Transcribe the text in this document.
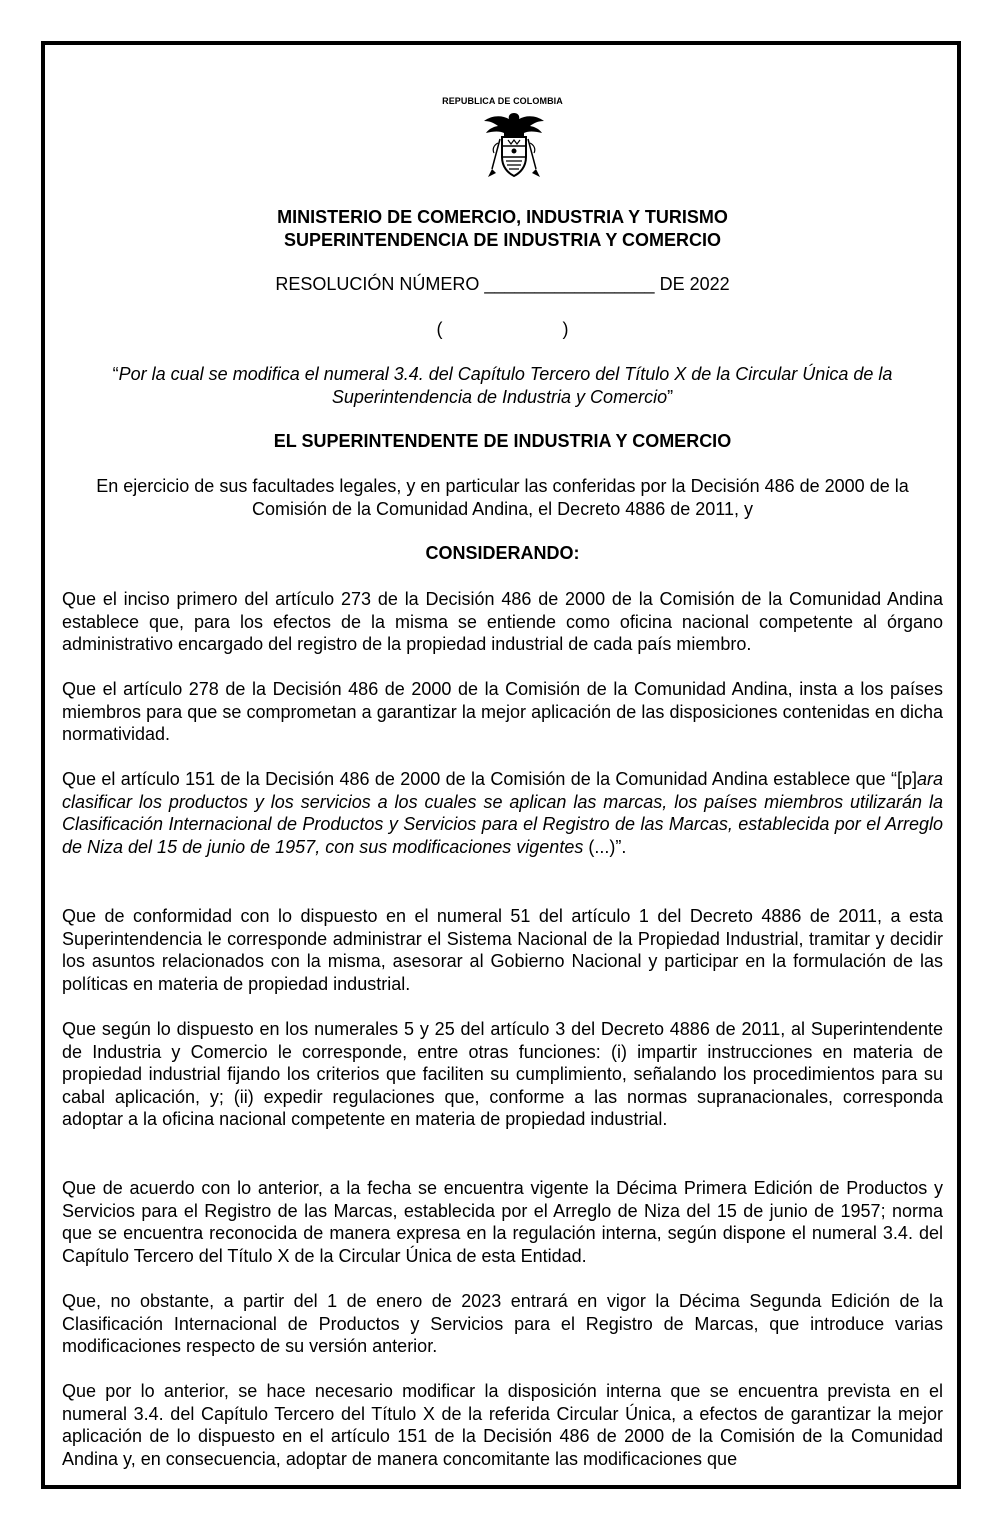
REPUBLICA DE COLOMBIA
MINISTERIO DE COMERCIO, INDUSTRIA Y TURISMO
SUPERINTENDENCIA DE INDUSTRIA Y COMERCIO
RESOLUCIÓN NÚMERO _________________ DE 2022
(                        )
“Por la cual se modifica el numeral 3.4. del Capítulo Tercero del Título X de la Circular Única de la Superintendencia de Industria y Comercio”
EL SUPERINTENDENTE DE INDUSTRIA Y COMERCIO
En ejercicio de sus facultades legales, y en particular las conferidas por la Decisión 486 de 2000 de la Comisión de la Comunidad Andina, el Decreto 4886 de 2011, y
CONSIDERANDO:
Que el inciso primero del artículo 273 de la Decisión 486 de 2000 de la Comisión de la Comunidad Andina establece que, para los efectos de la misma se entiende como oficina nacional competente al órgano administrativo encargado del registro de la propiedad industrial de cada país miembro.
Que el artículo 278 de la Decisión 486 de 2000 de la Comisión de la Comunidad Andina, insta a los países miembros para que se comprometan a garantizar la mejor aplicación de las disposiciones contenidas en dicha normatividad.
Que el artículo 151 de la Decisión 486 de 2000 de la Comisión de la Comunidad Andina establece que “[p]ara clasificar los productos y los servicios a los cuales se aplican las marcas, los países miembros utilizarán la Clasificación Internacional de Productos y Servicios para el Registro de las Marcas, establecida por el Arreglo de Niza del 15 de junio de 1957, con sus modificaciones vigentes (...)”.
Que de conformidad con lo dispuesto en el numeral 51 del artículo 1 del Decreto 4886 de 2011, a esta Superintendencia le corresponde administrar el Sistema Nacional de la Propiedad Industrial, tramitar y decidir los asuntos relacionados con la misma, asesorar al Gobierno Nacional y participar en la formulación de las políticas en materia de propiedad industrial.
Que según lo dispuesto en los numerales 5 y 25 del artículo 3 del Decreto 4886 de 2011, al Superintendente de Industria y Comercio le corresponde, entre otras funciones: (i) impartir instrucciones en materia de propiedad industrial fijando los criterios que faciliten su cumplimiento, señalando los procedimientos para su cabal aplicación, y; (ii) expedir regulaciones que, conforme a las normas supranacionales, corresponda adoptar a la oficina nacional competente en materia de propiedad industrial.
Que de acuerdo con lo anterior, a la fecha se encuentra vigente la Décima Primera Edición de Productos y Servicios para el Registro de las Marcas, establecida por el Arreglo de Niza del 15 de junio de 1957; norma que se encuentra reconocida de manera expresa en la regulación interna, según dispone el numeral 3.4. del Capítulo Tercero del Título X de la Circular Única de esta Entidad.
Que, no obstante, a partir del 1 de enero de 2023 entrará en vigor la Décima Segunda Edición de la Clasificación Internacional de Productos y Servicios para el Registro de Marcas, que introduce varias modificaciones respecto de su versión anterior.
Que por lo anterior, se hace necesario modificar la disposición interna que se encuentra prevista en el numeral 3.4. del Capítulo Tercero del Título X de la referida Circular Única, a efectos de garantizar la mejor aplicación de lo dispuesto en el artículo 151 de la Decisión 486 de 2000 de la Comisión de la Comunidad Andina y, en consecuencia, adoptar de manera concomitante las modificaciones que
